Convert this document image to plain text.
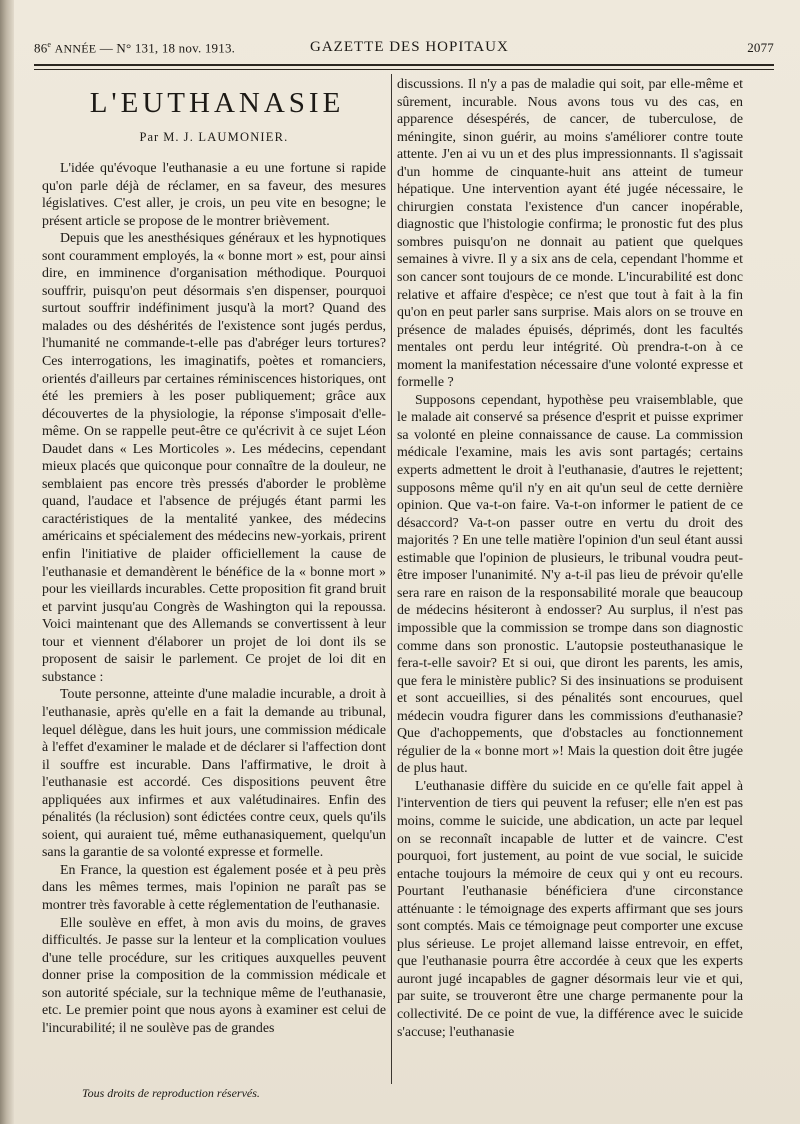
86e ANNÉE — N° 131, 18 nov. 1913.	GAZETTE DES HOPITAUX	2077
L'EUTHANASIE
Par M. J. LAUMONIER.

L'idée qu'évoque l'euthanasie a eu une fortune si rapide qu'on parle déjà de réclamer, en sa faveur, des mesures législatives. C'est aller, je crois, un peu vite en besogne; le présent article se propose de le montrer brièvement.

Depuis que les anesthésiques généraux et les hypnotiques sont couramment employés, la « bonne mort » est, pour ainsi dire, en imminence d'organisation méthodique. Pourquoi souffrir, puisqu'on peut désormais s'en dispenser, pourquoi surtout souffrir indéfiniment jusqu'à la mort? Quand des malades ou des déshérités de l'existence sont jugés perdus, l'humanité ne commande-t-elle pas d'abréger leurs tortures? Ces interrogations, les imaginatifs, poètes et romanciers, orientés d'ailleurs par certaines réminiscences historiques, ont été les premiers à les poser publiquement; grâce aux découvertes de la physiologie, la réponse s'imposait d'elle-même. On se rappelle peut-être ce qu'écrivit à ce sujet Léon Daudet dans « Les Morticoles ». Les médecins, cependant mieux placés que quiconque pour connaître de la douleur, ne semblaient pas encore très pressés d'aborder le problème quand, l'audace et l'absence de préjugés étant parmi les caractéristiques de la mentalité yankee, des médecins américains et spécialement des médecins new-yorkais, prirent enfin l'initiative de plaider officiellement la cause de l'euthanasie et demandèrent le bénéfice de la « bonne mort » pour les vieillards incurables. Cette proposition fit grand bruit et parvint jusqu'au Congrès de Washington qui la repoussa. Voici maintenant que des Allemands se convertissent à leur tour et viennent d'élaborer un projet de loi dont ils se proposent de saisir le parlement. Ce projet de loi dit en substance :

Toute personne, atteinte d'une maladie incurable, a droit à l'euthanasie, après qu'elle en a fait la demande au tribunal, lequel délègue, dans les huit jours, une commission médicale à l'effet d'examiner le malade et de déclarer si l'affection dont il souffre est incurable. Dans l'affirmative, le droit à l'euthanasie est accordé. Ces dispositions peuvent être appliquées aux infirmes et aux valétudinaires. Enfin des pénalités (la réclusion) sont édictées contre ceux, quels qu'ils soient, qui auraient tué, même euthanasiquement, quelqu'un sans la garantie de sa volonté expresse et formelle.

En France, la question est également posée et à peu près dans les mêmes termes, mais l'opinion ne paraît pas se montrer très favorable à cette réglementation de l'euthanasie.

Elle soulève en effet, à mon avis du moins, de graves difficultés. Je passe sur la lenteur et la complication voulues d'une telle procédure, sur les critiques auxquelles peuvent donner prise la composition de la commission médicale et son autorité spéciale, sur la technique même de l'euthanasie, etc. Le premier point que nous ayons à examiner est celui de l'incurabilité; il ne soulève pas de grandes

discussions. Il n'y a pas de maladie qui soit, par elle-même et sûrement, incurable. Nous avons tous vu des cas, en apparence désespérés, de cancer, de tuberculose, de méningite, sinon guérir, au moins s'améliorer contre toute attente. J'en ai vu un et des plus impressionnants. Il s'agissait d'un homme de cinquante-huit ans atteint de tumeur hépatique. Une intervention ayant été jugée nécessaire, le chirurgien constata l'existence d'un cancer inopérable, diagnostic que l'histologie confirma; le pronostic fut des plus sombres puisqu'on ne donnait au patient que quelques semaines à vivre. Il y a six ans de cela, cependant l'homme et son cancer sont toujours de ce monde. L'incurabilité est donc relative et affaire d'espèce; ce n'est que tout à fait à la fin qu'on en peut parler sans surprise. Mais alors on se trouve en présence de malades épuisés, déprimés, dont les facultés mentales ont perdu leur intégrité. Où prendra-t-on à ce moment la manifestation nécessaire d'une volonté expresse et formelle ?

Supposons cependant, hypothèse peu vraisemblable, que le malade ait conservé sa présence d'esprit et puisse exprimer sa volonté en pleine connaissance de cause. La commission médicale l'examine, mais les avis sont partagés; certains experts admettent le droit à l'euthanasie, d'autres le rejettent; supposons même qu'il n'y en ait qu'un seul de cette dernière opinion. Que va-t-on faire. Va-t-on informer le patient de ce désaccord? Va-t-on passer outre en vertu du droit des majorités ? En une telle matière l'opinion d'un seul étant aussi estimable que l'opinion de plusieurs, le tribunal voudra peut-être imposer l'unanimité. N'y a-t-il pas lieu de prévoir qu'elle sera rare en raison de la responsabilité morale que beaucoup de médecins hésiteront à endosser? Au surplus, il n'est pas impossible que la commission se trompe dans son diagnostic comme dans son pronostic. L'autopsie posteuthanasique le fera-t-elle savoir? Et si oui, que diront les parents, les amis, que fera le ministère public? Si des insinuations se produisent et sont accueillies, si des pénalités sont encourues, quel médecin voudra figurer dans les commissions d'euthanasie? Que d'achoppements, que d'obstacles au fonctionnement régulier de la « bonne mort »! Mais la question doit être jugée de plus haut.

L'euthanasie diffère du suicide en ce qu'elle fait appel à l'intervention de tiers qui peuvent la refuser; elle n'en est pas moins, comme le suicide, une abdication, un acte par lequel on se reconnaît incapable de lutter et de vaincre. C'est pourquoi, fort justement, au point de vue social, le suicide entache toujours la mémoire de ceux qui y ont eu recours. Pourtant l'euthanasie bénéficiera d'une circonstance atténuante : le témoignage des experts affirmant que ses jours sont comptés. Mais ce témoignage peut comporter une excuse plus sérieuse. Le projet allemand laisse entrevoir, en effet, que l'euthanasie pourra être accordée à ceux que les experts auront jugé incapables de gagner désormais leur vie et qui, par suite, se trouveront être une charge permanente pour la collectivité. De ce point de vue, la différence avec le suicide s'accuse; l'euthanasie

Tous droits de reproduction réservés.
